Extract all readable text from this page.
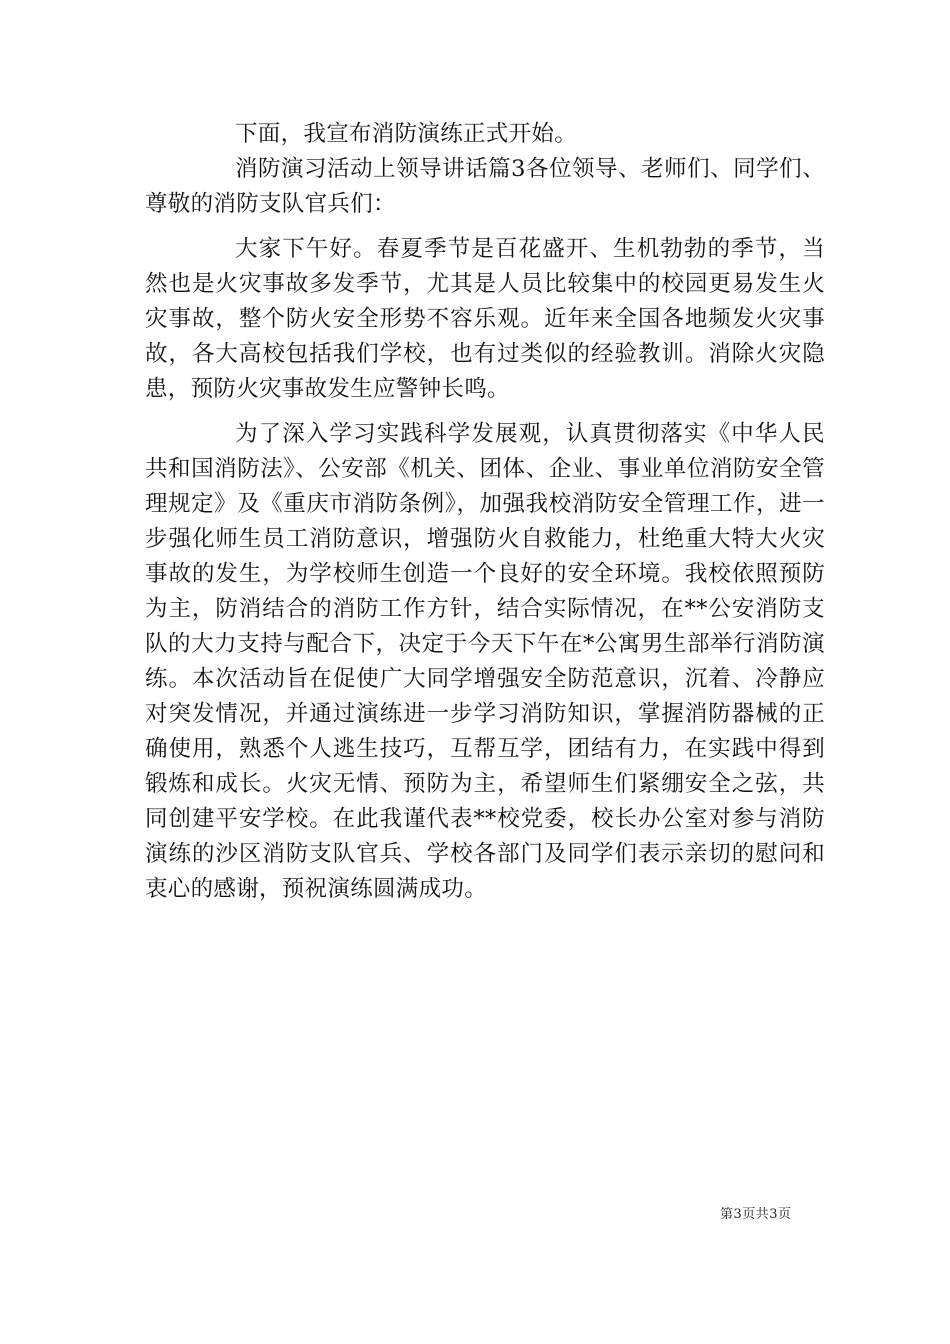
下面，我宣布消防演练正式开始。

消防演习活动上领导讲话篇3各位领导、老师们、同学们、尊敬的消防支队官兵们：

大家下午好。春夏季节是百花盛开、生机勃勃的季节，当然也是火灾事故多发季节，尤其是人员比较集中的校园更易发生火灾事故，整个防火安全形势不容乐观。近年来全国各地频发火灾事故，各大高校包括我们学校，也有过类似的经验教训。消除火灾隐患，预防火灾事故发生应警钟长鸣。

为了深入学习实践科学发展观，认真贯彻落实《中华人民共和国消防法》、公安部《机关、团体、企业、事业单位消防安全管理规定》及《重庆市消防条例》，加强我校消防安全管理工作，进一步强化师生员工消防意识，增强防火自救能力，杜绝重大特大火灾事故的发生，为学校师生创造一个良好的安全环境。我校依照预防为主，防消结合的消防工作方针，结合实际情况，在**公安消防支队的大力支持与配合下，决定于今天下午在*公寓男生部举行消防演练。本次活动旨在促使广大同学增强安全防范意识，沉着、冷静应对突发情况，并通过演练进一步学习消防知识，掌握消防器械的正确使用，熟悉个人逃生技巧，互帮互学，团结有力，在实践中得到锻炼和成长。火灾无情、预防为主，希望师生们紧绷安全之弦，共同创建平安学校。在此我谨代表**校党委，校长办公室对参与消防演练的沙区消防支队官兵、学校各部门及同学们表示亲切的慰问和衷心的感谢，预祝演练圆满成功。

第3页共3页
